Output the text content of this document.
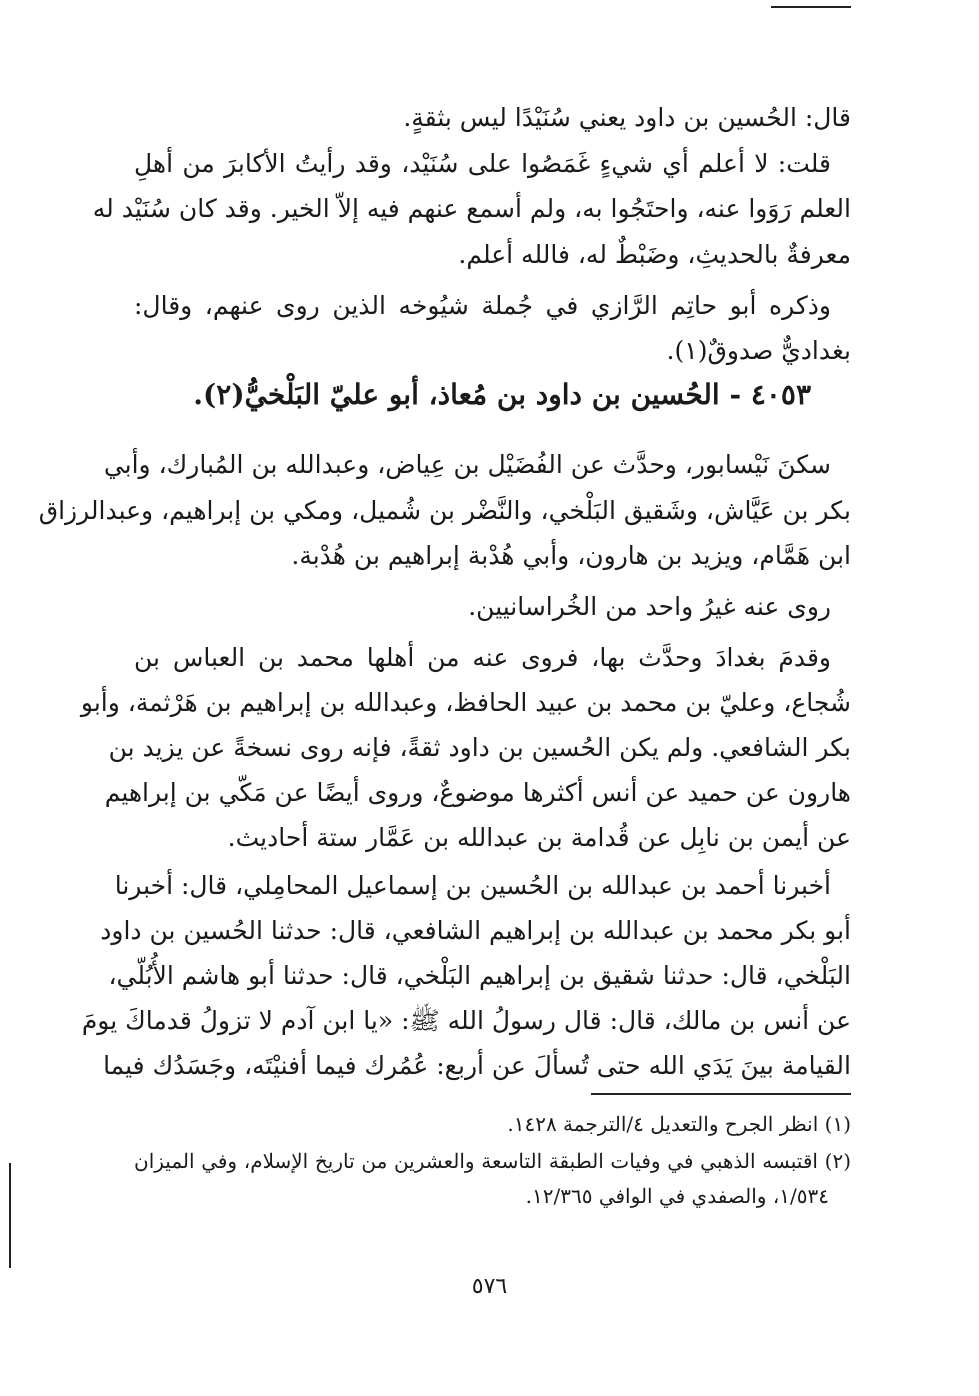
قال: الحُسين بن داود يعني سُنَيْدًا ليس بثقةٍ.
قلت: لا أعلم أي شيءٍ غَمَصُوا على سُنَيْد، وقد رأيتُ الأكابرَ من أهلِ
العلم رَوَوا عنه، واحتَجُوا به، ولم أسمع عنهم فيه إلاّ الخير. وقد كان سُنَيْد له
معرفةٌ بالحديثِ، وضَبْطٌ له، فالله أعلم.
وذكره أبو حاتِم الرَّازي في جُملة شيُوخه الذين روى عنهم، وقال:
بغداديٌّ صدوقٌ(١).
سكنَ نَيْسابور، وحدَّث عن الفُضَيْل بن عِياض، وعبدالله بن المُبارك، وأبي
بكر بن عَيَّاش، وشَقيق البَلْخي، والنَّضْر بن شُميل، ومكي بن إبراهيم، وعبدالرزاق
ابن هَمَّام، ويزيد بن هارون، وأبي هُدْبة إبراهيم بن هُدْبة.
روى عنه غيرُ واحد من الخُراسانيين.
وقدمَ بغدادَ وحدَّث بها، فروى عنه من أهلها محمد بن العباس بن
شُجاع، وعليّ بن محمد بن عبيد الحافظ، وعبدالله بن إبراهيم بن هَرْثمة، وأبو
بكر الشافعي. ولم يكن الحُسين بن داود ثقةً، فإنه روى نسخةً عن يزيد بن
هارون عن حميد عن أنس أكثرها موضوعٌ، وروى أيضًا عن مَكّي بن إبراهيم
عن أيمن بن نابِل عن قُدامة بن عبدالله بن عَمَّار ستة أحاديث.
أخبرنا أحمد بن عبدالله بن الحُسين بن إسماعيل المحامِلي، قال: أخبرنا
أبو بكر محمد بن عبدالله بن إبراهيم الشافعي، قال: حدثنا الحُسين بن داود
البَلْخي، قال: حدثنا شقيق بن إبراهيم البَلْخي، قال: حدثنا أبو هاشم الأُبُلّي،
عن أنس بن مالك، قال: قال رسولُ الله ﷺ: «يا ابن آدم لا تزولُ قدماكَ يومَ
القيامة بينَ يَدَي الله حتى تُسألَ عن أربع: عُمُرك فيما أفنيْتَه، وجَسَدُك فيما
٤٠٥٣ - الحُسين بن داود بن مُعاذ، أبو عليّ البَلْخيُّ(٢).
(١) انظر الجرح والتعديل ٤/الترجمة ١٤٢٨.
(٢) اقتبسه الذهبي في وفيات الطبقة التاسعة والعشرين من تاريخ الإسلام، وفي الميزان
١/٥٣٤، والصفدي في الوافي ١٢/٣٦٥.
٥٧٦
